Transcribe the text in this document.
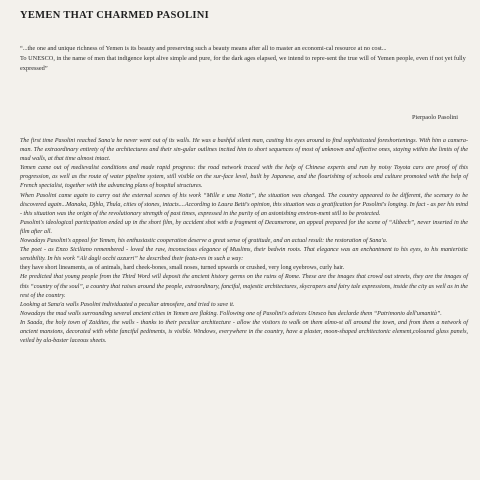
YEMEN THAT CHARMED PASOLINI

“...the one and unique richness of Yemen is its beauty and preserving such a beauty means after all to master an economi-cal resource at no cost...

To UNESCO, in the name of men that indigence kept alive simple and pure, for the dark ages elapsed, we intend to repre-sent the true will of Yemen people, even if not yet fully expressed”

Pierpaolo Pasolini

The first time Pasolini reached Sana'a he never went out of its walls. He was a bashful silent man, casting his eyes around to find sophisticated foreshortenings. With him a camera-man. The extraordinary entirety of the architectures and their sin-gular outlines incited him to short sequences of most of unknown and affective ones, staying within the limits of the mud walls, at that time almost intact.

Yemen came out of medievalist conditions and made rapid progress: the road network traced with the help of Chinese experts and run by noisy Toyota cars are proof of this progression, as well as the route of water pipeline system, still visible on the sur-face level, built by Japanese, and the flourishing of schools and culture promoted with the help of French specialist, together with the advancing plans of hospital structures.

When Pasolini came again to carry out the external scenes of his work “Mille e una Notte”, the situation was changed. The country appeared to be different, the scenary to be discovered again...Manaka, Djbla, Thula, cities of stones, intacts....According to Laura Betti's opinion, this situation was a gratification for Pasolini's longing. In fact - as per his mind - this situation was the origin of the revolutionary strength of past times, expressed in the purity of an astonishing environ-ment still to be protected.

Pasolini's ideological participation ended up in the short film, by accident shot with a fragment of Decamerone, an appeal prepared for the scene of “Altbech”, never inserted in the film after all.

Nowadays Pasolini's appeal for Yemen, his enthusiastic cooperation deserve a great sense of gratitude, and an actual result: the restoration of Sana'a.

The poet - as Enzo Siciliano remembered - loved the raw, inconscious elegance of Muslims, their bedwin roots. That elegance was an enchantment to his eyes, to his manieristic sensibility. In his work “Ali dagli occhi azzurri” he described their featu-res in such a way:

they have short lineaments, as of animals, hard cheek-bones, small noses, turned upwards or crushed, very long eyebrows, curly hair.

He predicted that young people from the Third Word will deposit the ancient history germs on the ruins of Rome. These are the images that crowd out streets, they are the images of this “country of the soul”, a country that raises around the people, extraordinary, fanciful, majestic architectures, skycrapers and fairy tale expressions, inside the city as well as in the rest of the country.

Looking at Sana'a walls Pasolini individuated a peculiar atmosfere, and tried to save it.

Nowadays the mud walls surrounding several ancient cities in Yemen are flaking. Following one of Pasolini's advices Unesco has declarde them “Patrimonio dell'umanità”.

In Saada, the holy town of Zaidites, the walls - thanks to their peculiar architecture - allow the visitors to walk on them almo-st all around the town, and from them a network of ancient mansions, decorated with white fanciful pediments, is visible. Windows, everywhere in the country, have a plaster, moon-shaped architectonic element,coloured glass panels, veiled by ala-baster laceous sheets.
